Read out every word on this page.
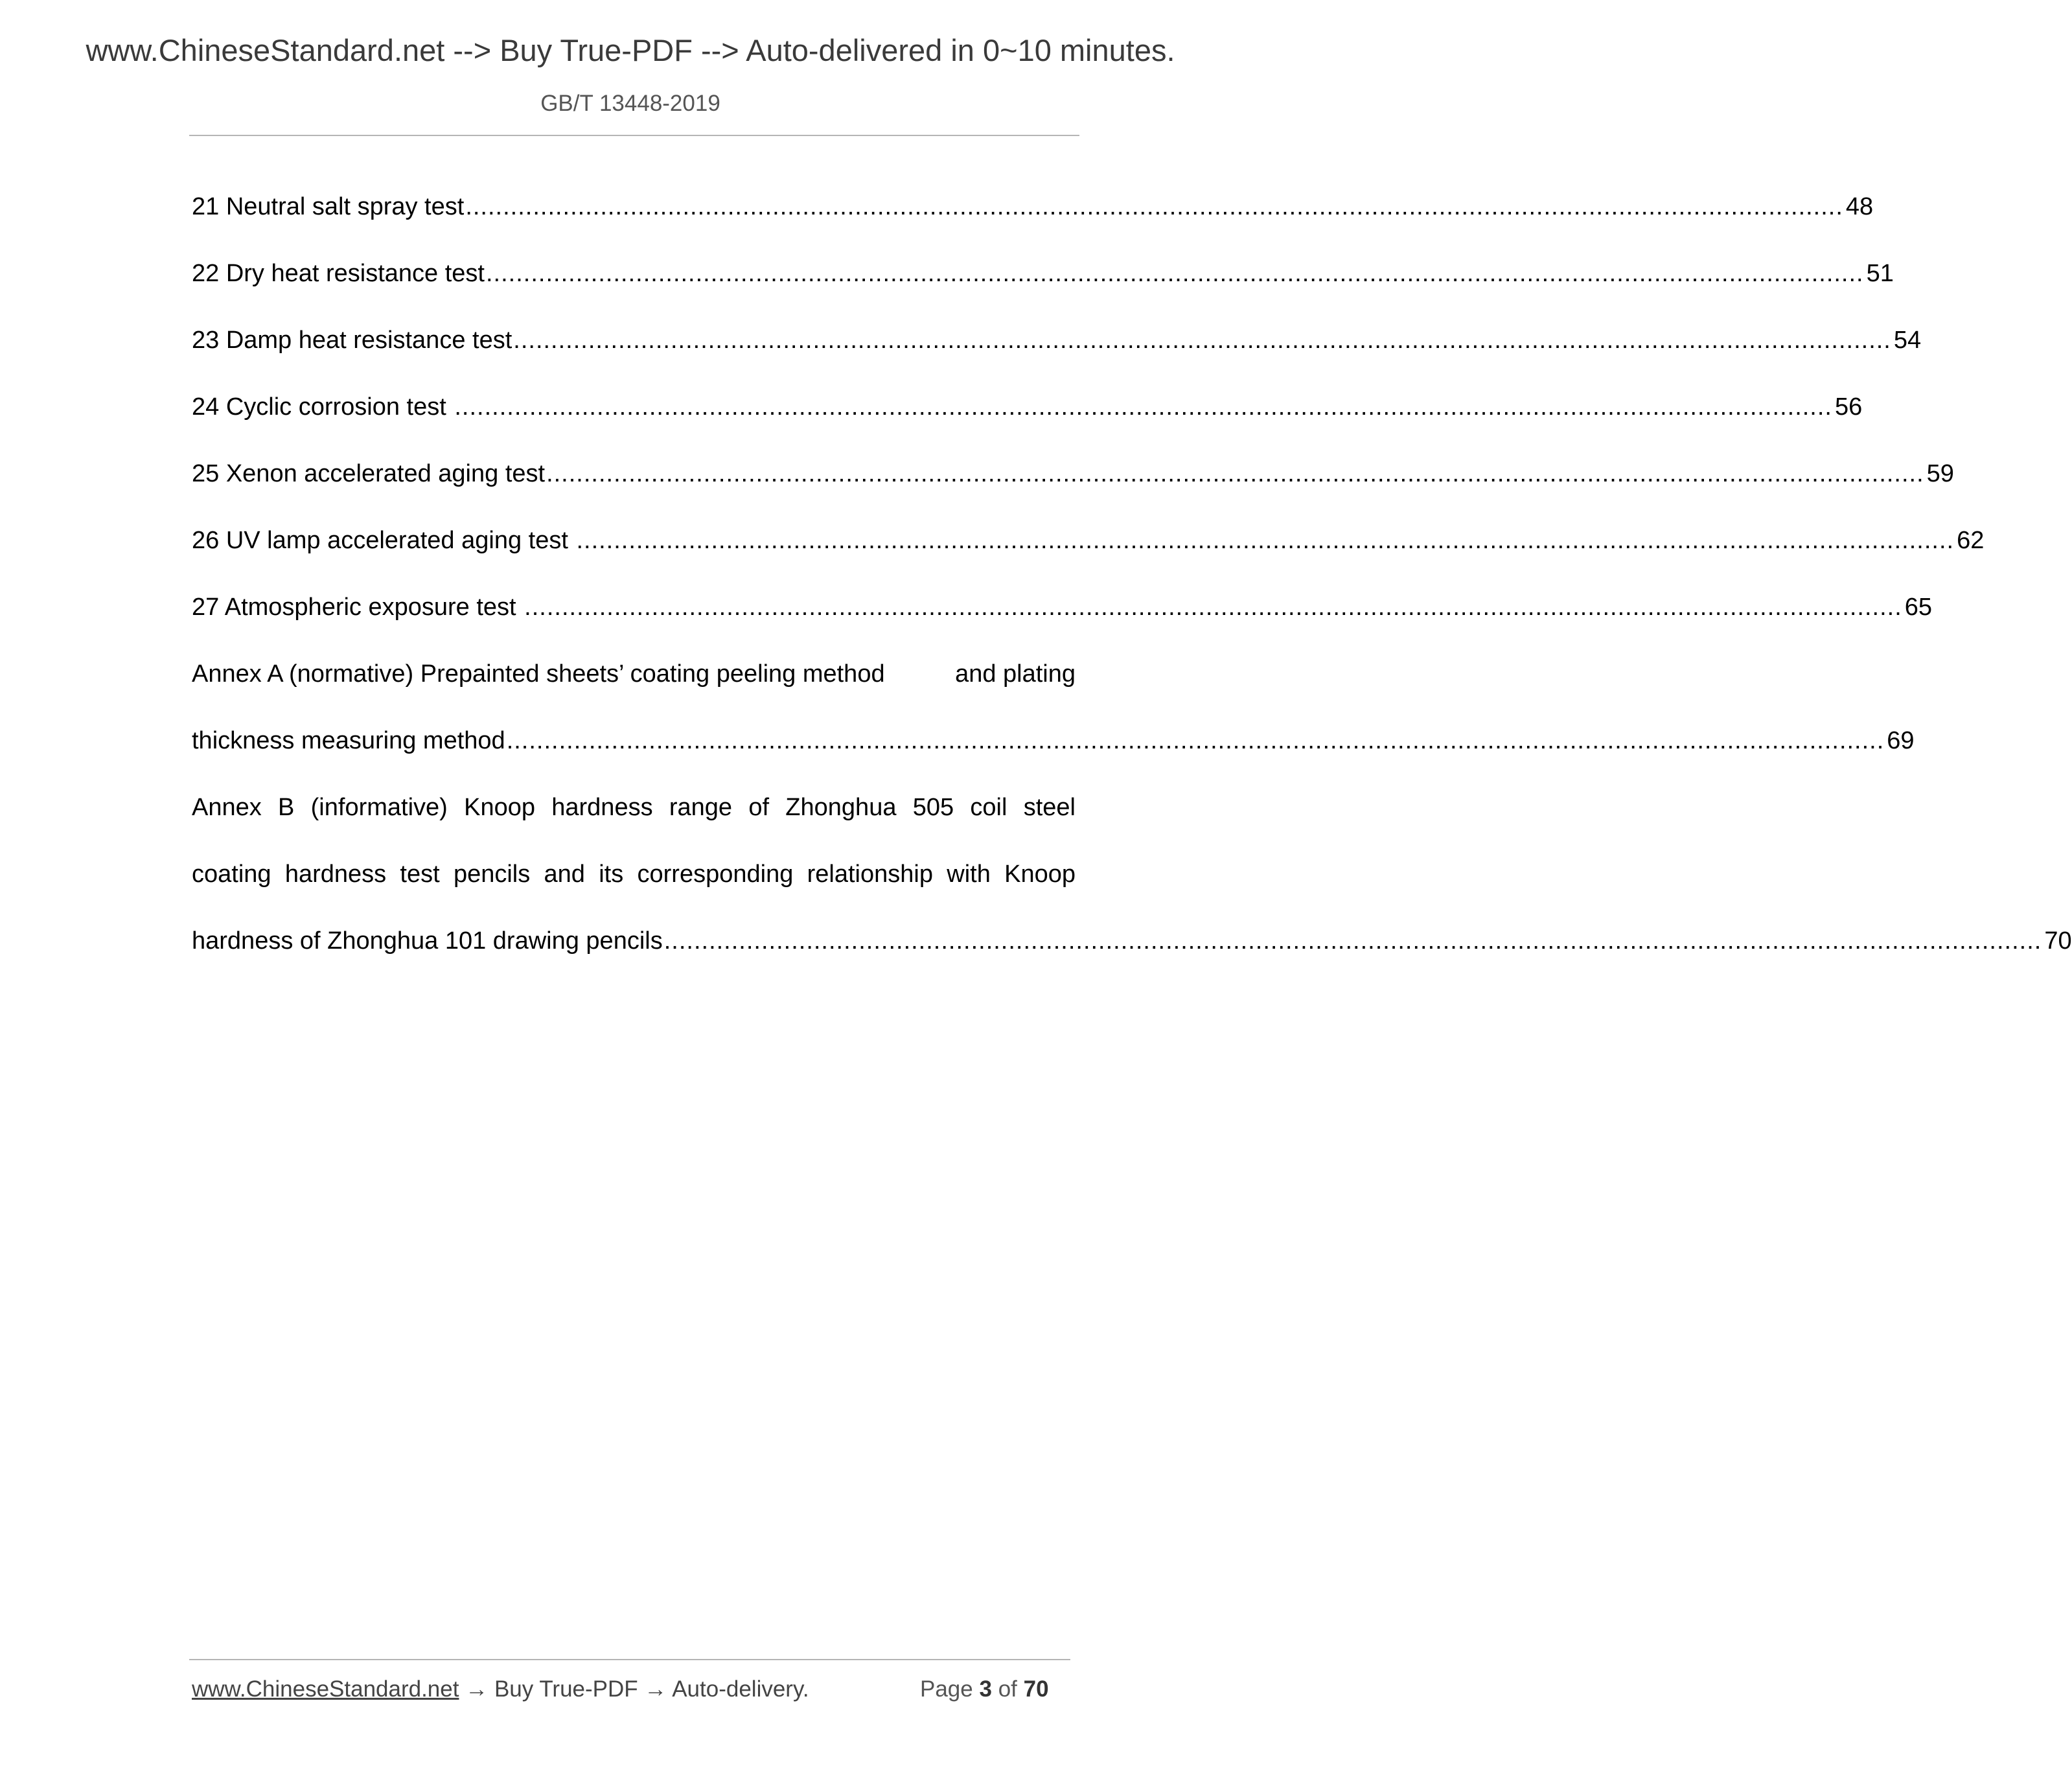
www.ChineseStandard.net --> Buy True-PDF --> Auto-delivered in 0~10 minutes.
GB/T 13448-2019
21 Neutral salt spray test ........................................................................................................................................................................................ 48
22 Dry heat resistance test ........................................................................................................................................................................................ 51
23 Damp heat resistance test ........................................................................................................................................................................................ 54
24 Cyclic corrosion test ........................................................................................................................................................................................ 56
25 Xenon accelerated aging test ........................................................................................................................................................................................ 59
26 UV lamp accelerated aging test ........................................................................................................................................................................................ 62
27 Atmospheric exposure test ........................................................................................................................................................................................ 65
Annex A (normative) Prepainted sheets’ coating peeling method	and plating
thickness measuring method ........................................................................................................................................................................................ 69
Annex B (informative) Knoop hardness range of Zhonghua 505 coil steel
coating hardness test pencils and its corresponding relationship with Knoop
hardness of Zhonghua 101 drawing pencils ........................................................................................................................................................................................ 70
www.ChineseStandard.net → Buy True-PDF → Auto-delivery.	Page 3 of 70
